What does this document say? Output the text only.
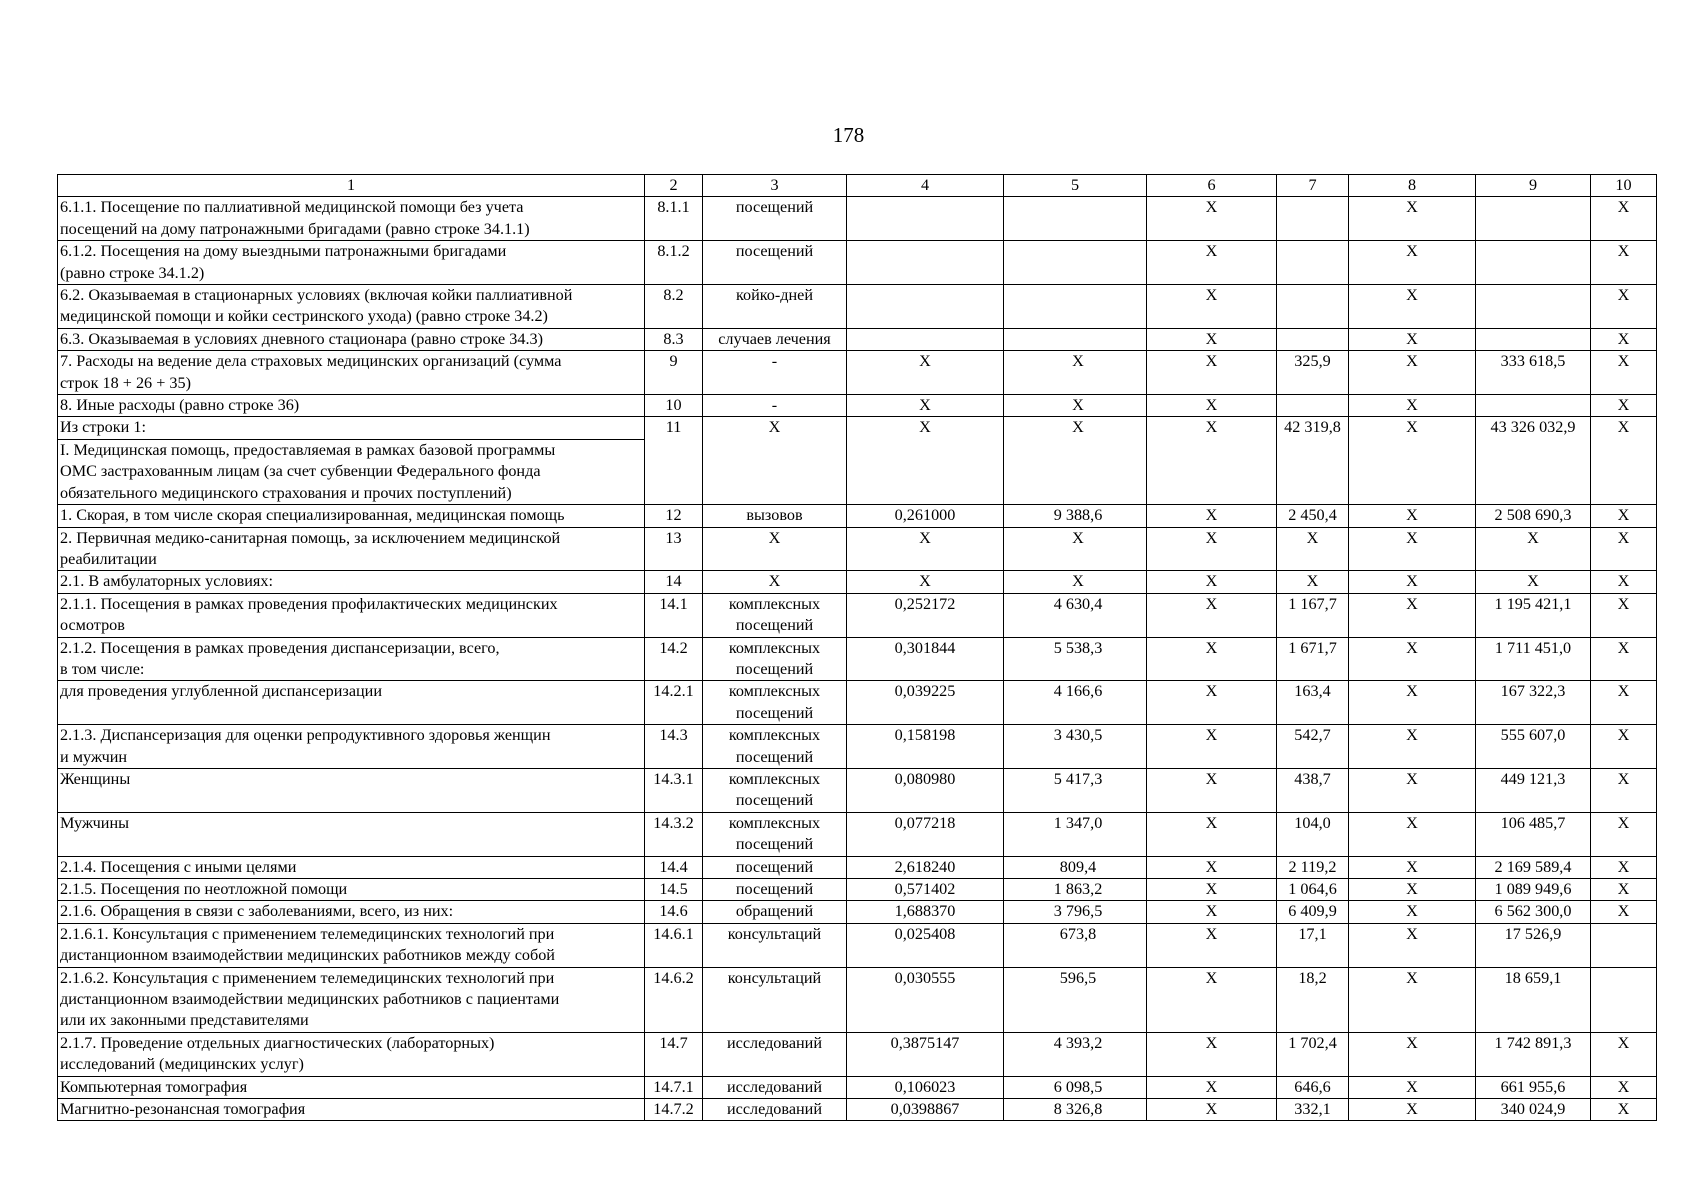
178
1	2	3	4	5	6	7	8	9	10

6.1.1. Посещение по паллиативной медицинской помощи без учета
посещений на дому патронажными бригадами (равно строке 34.1.1)	8.1.1	посещений			Х		Х		Х

6.1.2. Посещения на дому выездными патронажными бригадами
(равно строке 34.1.2)	8.1.2	посещений			Х		Х		Х

6.2. Оказываемая в стационарных условиях (включая койки паллиативной
медицинской помощи и койки сестринского ухода) (равно строке 34.2)	8.2	койко-дней			Х		Х		Х

6.3. Оказываемая в условиях дневного стационара (равно строке 34.3)	8.3	случаев лечения			Х		Х		Х

7. Расходы на ведение дела страховых медицинских организаций (сумма
строк 18 + 26 + 35)	9	-	Х	Х	Х	325,9	Х	333 618,5	Х

8. Иные расходы (равно строке 36)	10	-	Х	Х	Х		Х		Х

Из строки 1:	11	Х	Х	Х	Х	42 319,8	Х	43 326 032,9	Х

I. Медицинская помощь, предоставляемая в рамках базовой программы
ОМС застрахованным лицам (за счет субвенции Федерального фонда
обязательного медицинского страхования и прочих поступлений)									

1. Скорая, в том числе скорая специализированная, медицинская помощь	12	вызовов	0,261000	9 388,6	Х	2 450,4	Х	2 508 690,3	Х

2. Первичная медико-санитарная помощь, за исключением медицинской
реабилитации	13	Х	Х	Х	Х	Х	Х	Х	Х

2.1. В амбулаторных условиях:	14	Х	Х	Х	Х	Х	Х	Х	Х

2.1.1. Посещения в рамках проведения профилактических медицинских
осмотров	14.1	комплексных
посещений	0,252172	4 630,4	Х	1 167,7	Х	1 195 421,1	Х

2.1.2. Посещения в рамках проведения диспансеризации, всего,
в том числе:	14.2	комплексных
посещений	0,301844	5 538,3	Х	1 671,7	Х	1 711 451,0	Х

для проведения углубленной диспансеризации	14.2.1	комплексных
посещений	0,039225	4 166,6	Х	163,4	Х	167 322,3	Х

2.1.3. Диспансеризация для оценки репродуктивного здоровья женщин
и мужчин	14.3	комплексных
посещений	0,158198	3 430,5	Х	542,7	Х	555 607,0	Х

Женщины	14.3.1	комплексных
посещений	0,080980	5 417,3	Х	438,7	Х	449 121,3	Х

Мужчины	14.3.2	комплексных
посещений	0,077218	1 347,0	Х	104,0	Х	106 485,7	Х

2.1.4. Посещения с иными целями	14.4	посещений	2,618240	809,4	Х	2 119,2	Х	2 169 589,4	Х

2.1.5. Посещения по неотложной помощи	14.5	посещений	0,571402	1 863,2	Х	1 064,6	Х	1 089 949,6	Х

2.1.6. Обращения в связи с заболеваниями, всего, из них:	14.6	обращений	1,688370	3 796,5	Х	6 409,9	Х	6 562 300,0	Х

2.1.6.1. Консультация с применением телемедицинских технологий при
дистанционном взаимодействии медицинских работников между собой	14.6.1	консультаций	0,025408	673,8	Х	17,1	Х	17 526,9	

2.1.6.2. Консультация с применением телемедицинских технологий при
дистанционном взаимодействии медицинских работников с пациентами
или их законными представителями	14.6.2	консультаций	0,030555	596,5	Х	18,2	Х	18 659,1	

2.1.7. Проведение отдельных диагностических (лабораторных)
исследований (медицинских услуг)	14.7	исследований	0,3875147	4 393,2	Х	1 702,4	Х	1 742 891,3	Х

Компьютерная томография	14.7.1	исследований	0,106023	6 098,5	Х	646,6	Х	661 955,6	Х

Магнитно-резонансная томография	14.7.2	исследований	0,0398867	8 326,8	Х	332,1	Х	340 024,9	Х
